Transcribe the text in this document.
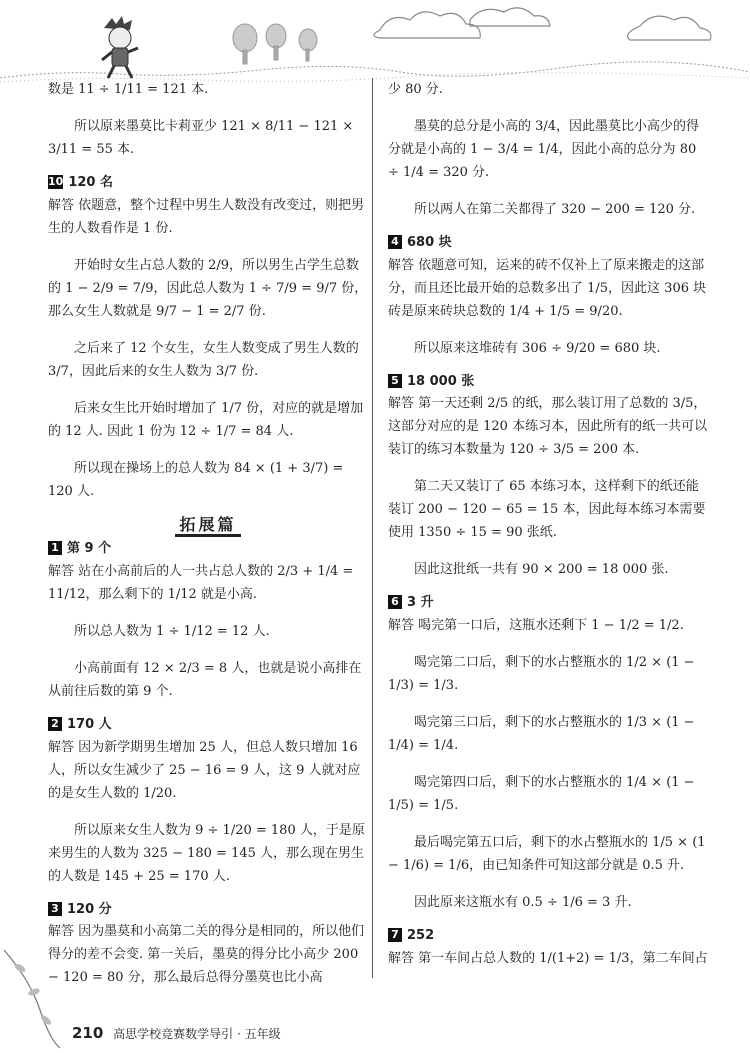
数是 11 ÷ 1/11 = 121 本.

所以原来墨莫比卡莉亚少 121 × 8/11 − 121 × 3/11 = 55 本.

10 120 名

解答 依题意，整个过程中男生人数没有改变过，则把男生的人数看作是 1 份.

开始时女生占总人数的 2/9，所以男生占学生总数的 1 − 2/9 = 7/9，因此总人数为 1 ÷ 7/9 = 9/7 份，那么女生人数就是 9/7 − 1 = 2/7 份.

之后来了 12 个女生，女生人数变成了男生人数的 3/7，因此后来的女生人数为 3/7 份.

后来女生比开始时增加了 1/7 份，对应的就是增加的 12 人. 因此 1 份为 12 ÷ 1/7 = 84 人.

所以现在操场上的总人数为 84 × (1 + 3/7) = 120 人.

拓展篇
1 第 9 个

解答 站在小高前后的人一共占总人数的 2/3 + 1/4 = 11/12，那么剩下的 1/12 就是小高.

所以总人数为 1 ÷ 1/12 = 12 人.

小高前面有 12 × 2/3 = 8 人，也就是说小高排在从前往后数的第 9 个.

2 170 人

解答 因为新学期男生增加 25 人，但总人数只增加 16 人，所以女生减少了 25 − 16 = 9 人，这 9 人就对应的是女生人数的 1/20.

所以原来女生人数为 9 ÷ 1/20 = 180 人，于是原来男生的人数为 325 − 180 = 145 人，那么现在男生的人数是 145 + 25 = 170 人.

3 120 分

解答 因为墨莫和小高第二关的得分是相同的，所以他们得分的差不会变. 第一关后，墨莫的得分比小高少 200 − 120 = 80 分，那么最后总得分墨莫也比小高

少 80 分.

墨莫的总分是小高的 3/4，因此墨莫比小高少的得分就是小高的 1 − 3/4 = 1/4，因此小高的总分为 80 ÷ 1/4 = 320 分.

所以两人在第二关都得了 320 − 200 = 120 分.

4 680 块

解答 依题意可知，运来的砖不仅补上了原来搬走的这部分，而且还比最开始的总数多出了 1/5，因此这 306 块砖是原来砖块总数的 1/4 + 1/5 = 9/20.

所以原来这堆砖有 306 ÷ 9/20 = 680 块.

5 18 000 张

解答 第一天还剩 2/5 的纸，那么装订用了总数的 3/5，这部分对应的是 120 本练习本，因此所有的纸一共可以装订的练习本数量为 120 ÷ 3/5 = 200 本.

第二天又装订了 65 本练习本，这样剩下的纸还能装订 200 − 120 − 65 = 15 本，因此每本练习本需要使用 1350 ÷ 15 = 90 张纸.

因此这批纸一共有 90 × 200 = 18 000 张.

6 3 升

解答 喝完第一口后，这瓶水还剩下 1 − 1/2 = 1/2.

喝完第二口后，剩下的水占整瓶水的 1/2 × (1 − 1/3) = 1/3.

喝完第三口后，剩下的水占整瓶水的 1/3 × (1 − 1/4) = 1/4.

喝完第四口后，剩下的水占整瓶水的 1/4 × (1 − 1/5) = 1/5.

最后喝完第五口后，剩下的水占整瓶水的 1/5 × (1 − 1/6) = 1/6，由已知条件可知这部分就是 0.5 升.

因此原来这瓶水有 0.5 ÷ 1/6 = 3 升.

7 252

解答 第一车间占总人数的 1/(1+2) = 1/3，第二车间占

210 高思学校竞赛数学导引 · 五年级
